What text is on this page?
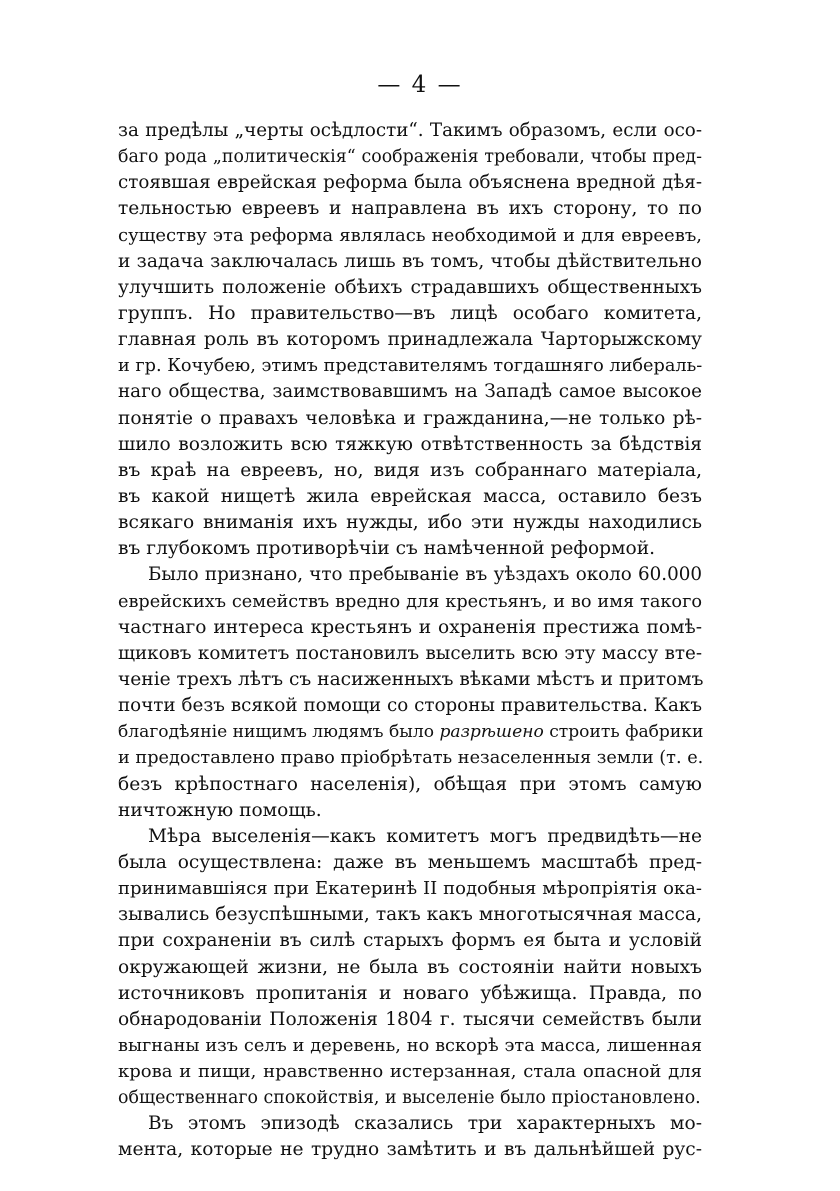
— 4 —
за предѣлы „черты осѣдлости“. Такимъ образомъ, если осо-
баго рода „политическія“ соображенія требовали, чтобы пред-
стоявшая еврейская реформа была объяснена вредной дѣя-
тельностью евреевъ и направлена въ ихъ сторону, то по
существу эта реформа являлась необходимой и для евреевъ,
и задача заключалась лишь въ томъ, чтобы дѣйствительно
улучшить положеніе обѣихъ страдавшихъ общественныхъ
группъ. Но правительство—въ лицѣ особаго комитета,
главная роль въ которомъ принадлежала Чарторыжскому
и гр. Кочубею, этимъ представителямъ тогдашняго либераль-
наго общества, заимствовавшимъ на Западѣ самое высокое
понятіе о правахъ человѣка и гражданина,—не только рѣ-
шило возложить всю тяжкую отвѣтственность за бѣдствія
въ краѣ на евреевъ, но, видя изъ собраннаго матеріала,
въ какой нищетѣ жила еврейская масса, оставило безъ
всякаго вниманія ихъ нужды, ибо эти нужды находились
въ глубокомъ противорѣчіи съ намѣченной реформой.
Было признано, что пребываніе въ уѣздахъ около 60.000
еврейскихъ семействъ вредно для крестьянъ, и во имя такого
частнаго интереса крестьянъ и охраненія престижа помѣ-
щиковъ комитетъ постановилъ выселить всю эту массу вте-
ченіе трехъ лѣтъ съ насиженныхъ вѣками мѣстъ и притомъ
почти безъ всякой помощи со стороны правительства. Какъ
благодѣяніе нищимъ людямъ было разрѣшено строить фабрики
и предоставлено право пріобрѣтать незаселенныя земли (т. е.
безъ крѣпостнаго населенія), обѣщая при этомъ самую
ничтожную помощь.
Мѣра выселенія—какъ комитетъ могъ предвидѣть—не
была осуществлена: даже въ меньшемъ масштабѣ пред-
принимавшіяся при Екатеринѣ II подобныя мѣропріятія ока-
зывались безуспѣшными, такъ какъ многотысячная масса,
при сохраненіи въ силѣ старыхъ формъ ея быта и условій
окружающей жизни, не была въ состояніи найти новыхъ
источниковъ пропитанія и новаго убѣжища. Правда, по
обнародованіи Положенія 1804 г. тысячи семействъ были
выгнаны изъ селъ и деревень, но вскорѣ эта масса, лишенная
крова и пищи, нравственно истерзанная, стала опасной для
общественнаго спокойствія, и выселеніе было пріостановлено.
Въ этомъ эпизодѣ сказались три характерныхъ мо-
мента, которые не трудно замѣтить и въ дальнѣйшей рус-
